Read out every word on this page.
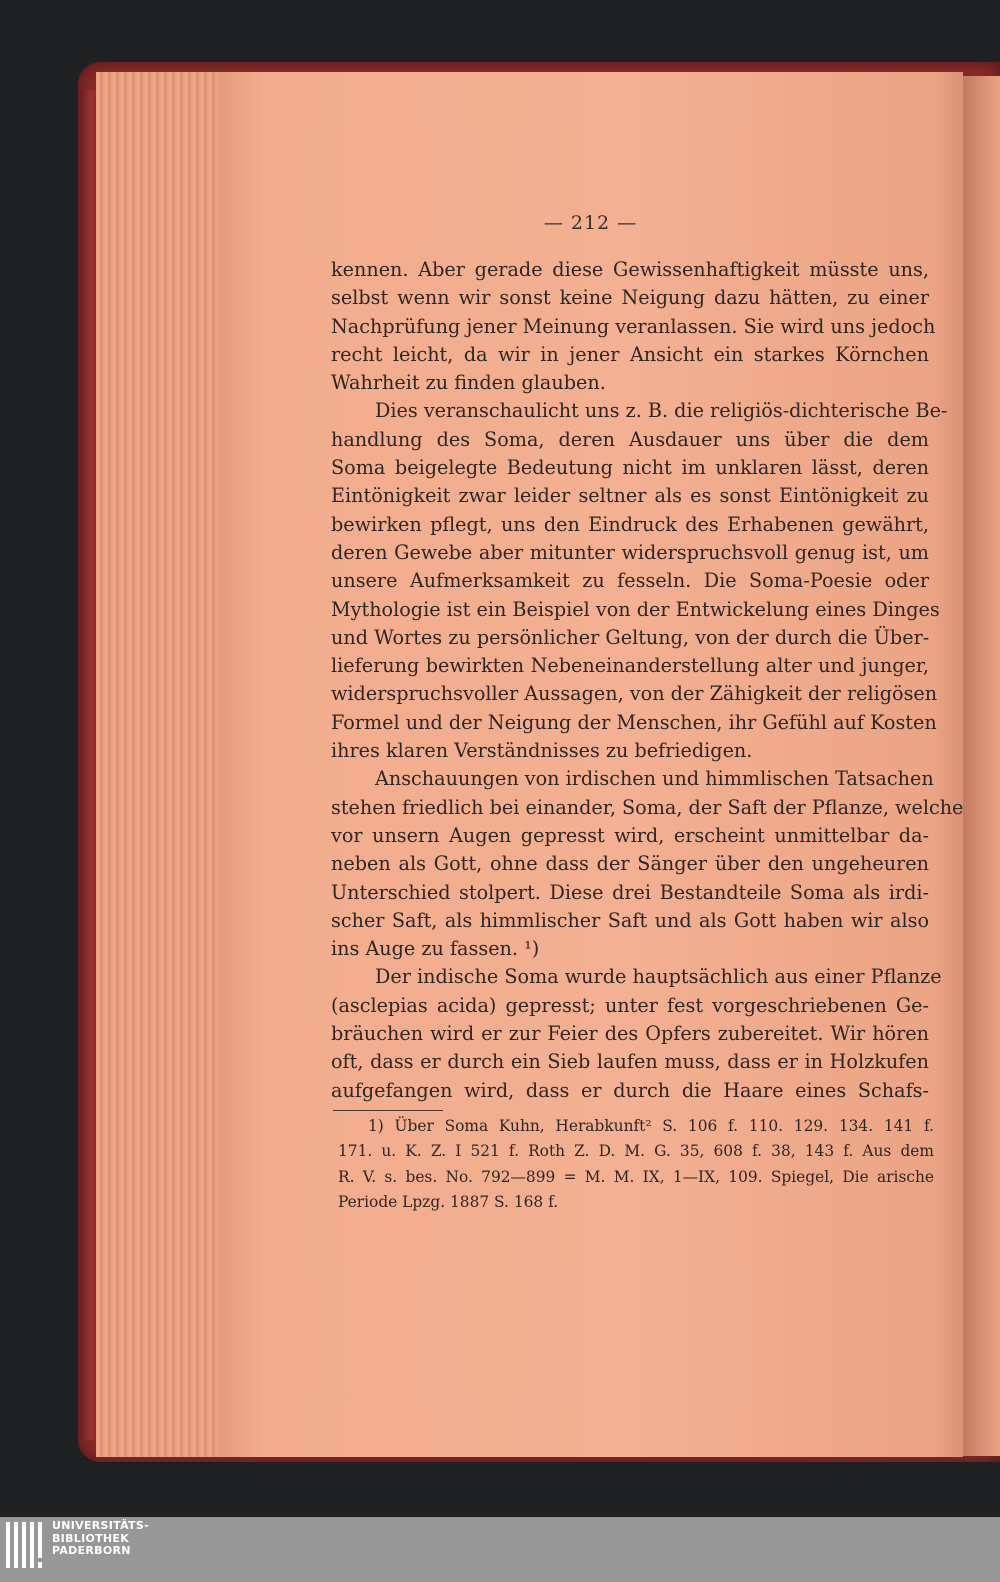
— 212 —
kennen. Aber gerade diese Gewissenhaftigkeit müsste uns,
selbst wenn wir sonst keine Neigung dazu hätten, zu einer
Nachprüfung jener Meinung veranlassen. Sie wird uns jedoch
recht leicht, da wir in jener Ansicht ein starkes Körnchen
Wahrheit zu finden glauben.
Dies veranschaulicht uns z. B. die religiös-dichterische Be-
handlung des Soma, deren Ausdauer uns über die dem
Soma beigelegte Bedeutung nicht im unklaren lässt, deren
Eintönigkeit zwar leider seltner als es sonst Eintönigkeit zu
bewirken pflegt, uns den Eindruck des Erhabenen gewährt,
deren Gewebe aber mitunter widerspruchsvoll genug ist, um
unsere Aufmerksamkeit zu fesseln. Die Soma-Poesie oder
Mythologie ist ein Beispiel von der Entwickelung eines Dinges
und Wortes zu persönlicher Geltung, von der durch die Über-
lieferung bewirkten Nebeneinanderstellung alter und junger,
widerspruchsvoller Aussagen, von der Zähigkeit der religösen
Formel und der Neigung der Menschen, ihr Gefühl auf Kosten
ihres klaren Verständnisses zu befriedigen.
Anschauungen von irdischen und himmlischen Tatsachen
stehen friedlich bei einander, Soma, der Saft der Pflanze, welche
vor unsern Augen gepresst wird, erscheint unmittelbar da-
neben als Gott, ohne dass der Sänger über den ungeheuren
Unterschied stolpert. Diese drei Bestandteile Soma als irdi-
scher Saft, als himmlischer Saft und als Gott haben wir also
ins Auge zu fassen. ¹)
Der indische Soma wurde hauptsächlich aus einer Pflanze
(asclepias acida) gepresst; unter fest vorgeschriebenen Ge-
bräuchen wird er zur Feier des Opfers zubereitet. Wir hören
oft, dass er durch ein Sieb laufen muss, dass er in Holzkufen
aufgefangen wird, dass er durch die Haare eines Schafs-
1) Über Soma Kuhn, Herabkunft² S. 106 f. 110. 129. 134. 141 f.
171. u. K. Z. I 521 f. Roth Z. D. M. G. 35, 608 f. 38, 143 f. Aus dem
R. V. s. bes. No. 792—899 = M. M. IX, 1—IX, 109. Spiegel, Die arische
Periode Lpzg. 1887 S. 168 f.
UNIVERSITÄTS-
BIBLIOTHEK
PADERBORN
